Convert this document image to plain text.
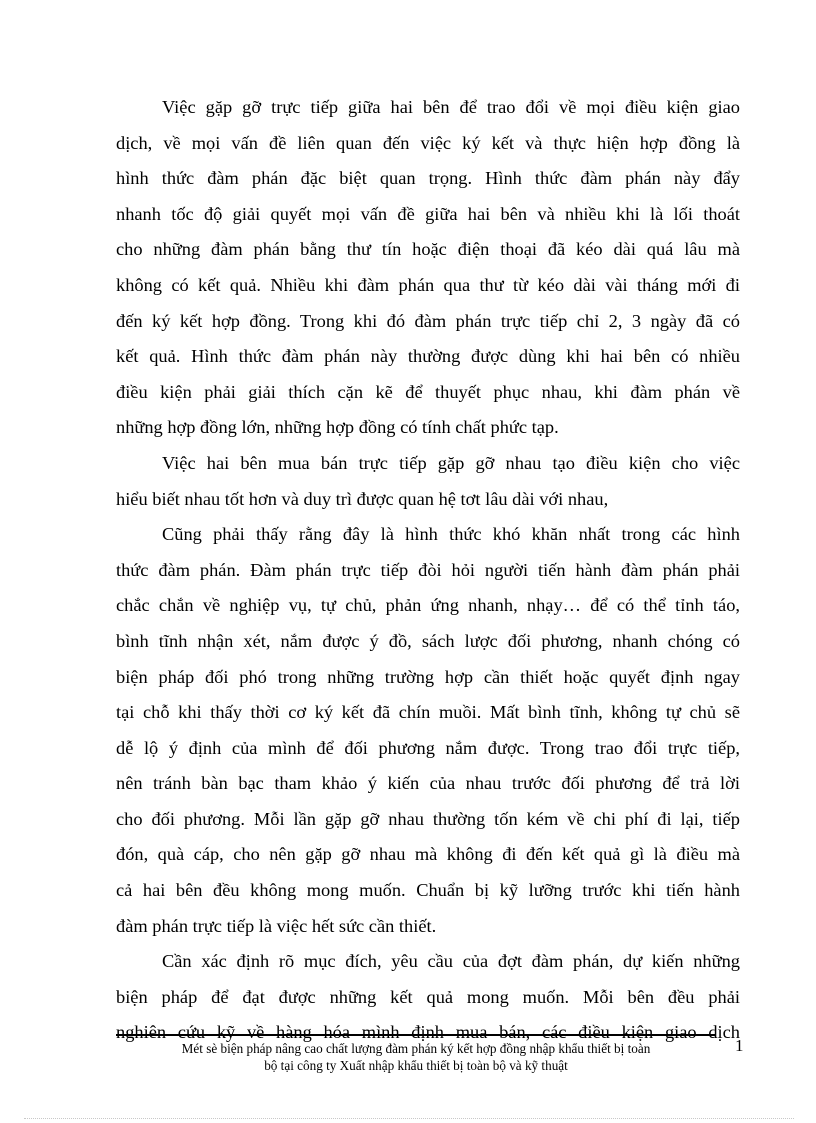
Việc gặp gỡ trực tiếp giữa hai bên để trao đổi về mọi điều kiện giao
dịch, về mọi vấn đề liên quan đến việc ký kết và thực hiện hợp đồng là
hình thức đàm phán đặc biệt quan trọng. Hình thức đàm phán này đẩy
nhanh tốc độ giải quyết mọi vấn đề giữa hai bên và nhiều khi là lối thoát
cho những đàm phán bằng thư tín hoặc điện thoại đã kéo dài quá lâu mà
không có kết quả. Nhiều khi đàm phán qua thư từ kéo dài vài tháng mới đi
đến ký kết hợp đồng. Trong khi đó đàm phán trực tiếp chỉ 2, 3 ngày đã có
kết quả. Hình thức đàm phán này thường được dùng khi hai bên có nhiều
điều kiện phải giải thích cặn kẽ để thuyết phục nhau, khi đàm phán về
những hợp đồng lớn, những hợp đồng có tính chất phức tạp.

Việc hai bên mua bán trực tiếp gặp gỡ nhau tạo điều kiện cho việc
hiểu biết nhau tốt hơn và duy trì được quan hệ tơt lâu dài với nhau,

Cũng phải thấy rằng đây là hình thức khó khăn nhất trong các hình
thức đàm phán. Đàm phán trực tiếp đòi hỏi người tiến hành đàm phán phải
chắc chắn về nghiệp vụ, tự chủ, phản ứng nhanh, nhạy… để có thể tỉnh táo,
bình tĩnh nhận xét, nắm được ý đồ, sách lược đối phương, nhanh chóng có
biện pháp đối phó trong những trường hợp cần thiết hoặc quyết định ngay
tại chỗ khi thấy thời cơ ký kết đã chín muồi. Mất bình tĩnh, không tự chủ sẽ
dễ lộ ý định của mình để đối phương nắm được. Trong trao đổi trực tiếp,
nên tránh bàn bạc tham khảo ý kiến của nhau trước đối phương để trả lời
cho đối phương. Mỗi lần gặp gỡ nhau thường tốn kém về chi phí đi lại, tiếp
đón, quà cáp, cho nên gặp gỡ nhau mà không đi đến kết quả gì là điều mà
cả hai bên đều không mong muốn. Chuẩn bị kỹ lưỡng trước khi tiến hành
đàm phán trực tiếp là việc hết sức cần thiết.

Cần xác định rõ mục đích, yêu cầu của đợt đàm phán, dự kiến những
biện pháp để đạt được những kết quả mong muốn. Mỗi bên đều phải
nghiên cứu kỹ về hàng hóa mình định mua bán, các điều kiện giao dịch

Mét sè biện pháp nâng cao chất lượng đàm phán ký kết hợp đồng nhập khẩu thiết bị toàn
bộ tại công ty Xuất nhập khẩu thiết bị toàn bộ và kỹ thuật
1
